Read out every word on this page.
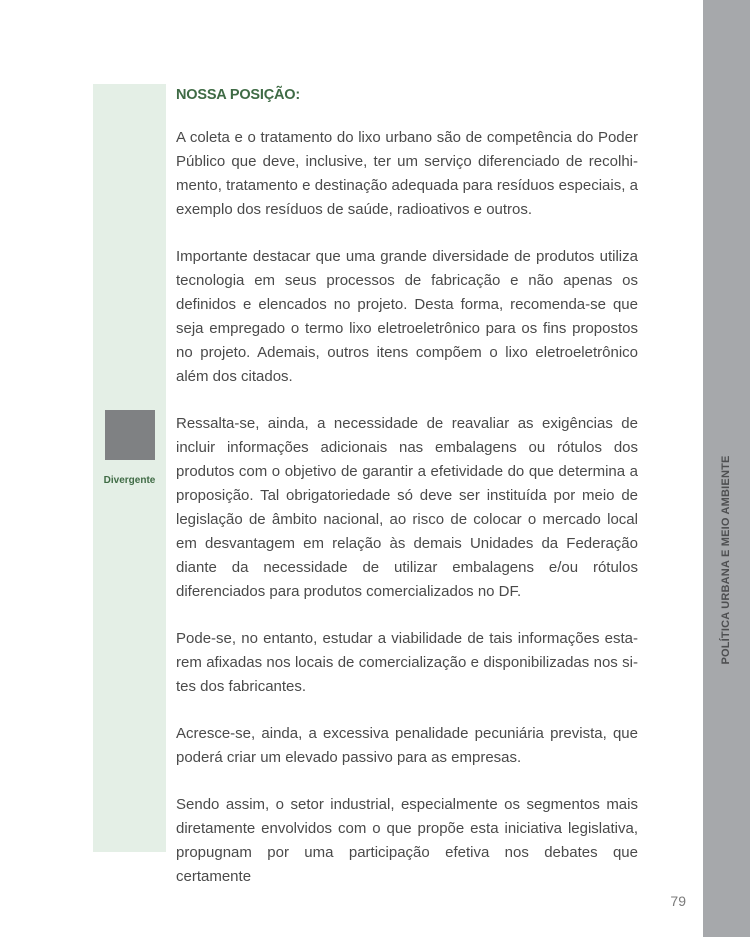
Divergente
NOSSA POSIÇÃO:

A coleta e o tratamento do lixo urbano são de competência do Poder Público que deve, inclusive, ter um serviço diferenciado de recolhimento, tratamento e destinação adequada para resíduos especiais, a exemplo dos resíduos de saúde, radioativos e outros.

Importante destacar que uma grande diversidade de produtos utiliza tecnologia em seus processos de fabricação e não apenas os definidos e elencados no projeto. Desta forma, recomenda-se que seja empregado o termo lixo eletroeletrônico para os fins propostos no projeto. Ademais, outros itens compõem o lixo eletroeletrônico além dos citados.

Ressalta-se, ainda, a necessidade de reavaliar as exigências de incluir informações adicionais nas embalagens ou rótulos dos produtos com o objetivo de garantir a efetividade do que determina a proposição. Tal obrigatoriedade só deve ser instituída por meio de legislação de âmbito nacional, ao risco de colocar o mercado local em desvantagem em relação às demais Unidades da Federação diante da necessidade de utilizar embalagens e/ou rótulos diferenciados para produtos comercializados no DF.

Pode-se, no entanto, estudar a viabilidade de tais informações estarem afixadas nos locais de comercialização e disponibilizadas nos sites dos fabricantes.

Acresce-se, ainda, a excessiva penalidade pecuniária prevista, que poderá criar um elevado passivo para as empresas.

Sendo assim, o setor industrial, especialmente os segmentos mais diretamente envolvidos com o que propõe esta iniciativa legislativa, propugnam por uma participação efetiva nos debates que certamente

POLÍTICA URBANA E MEIO AMBIENTE
79
